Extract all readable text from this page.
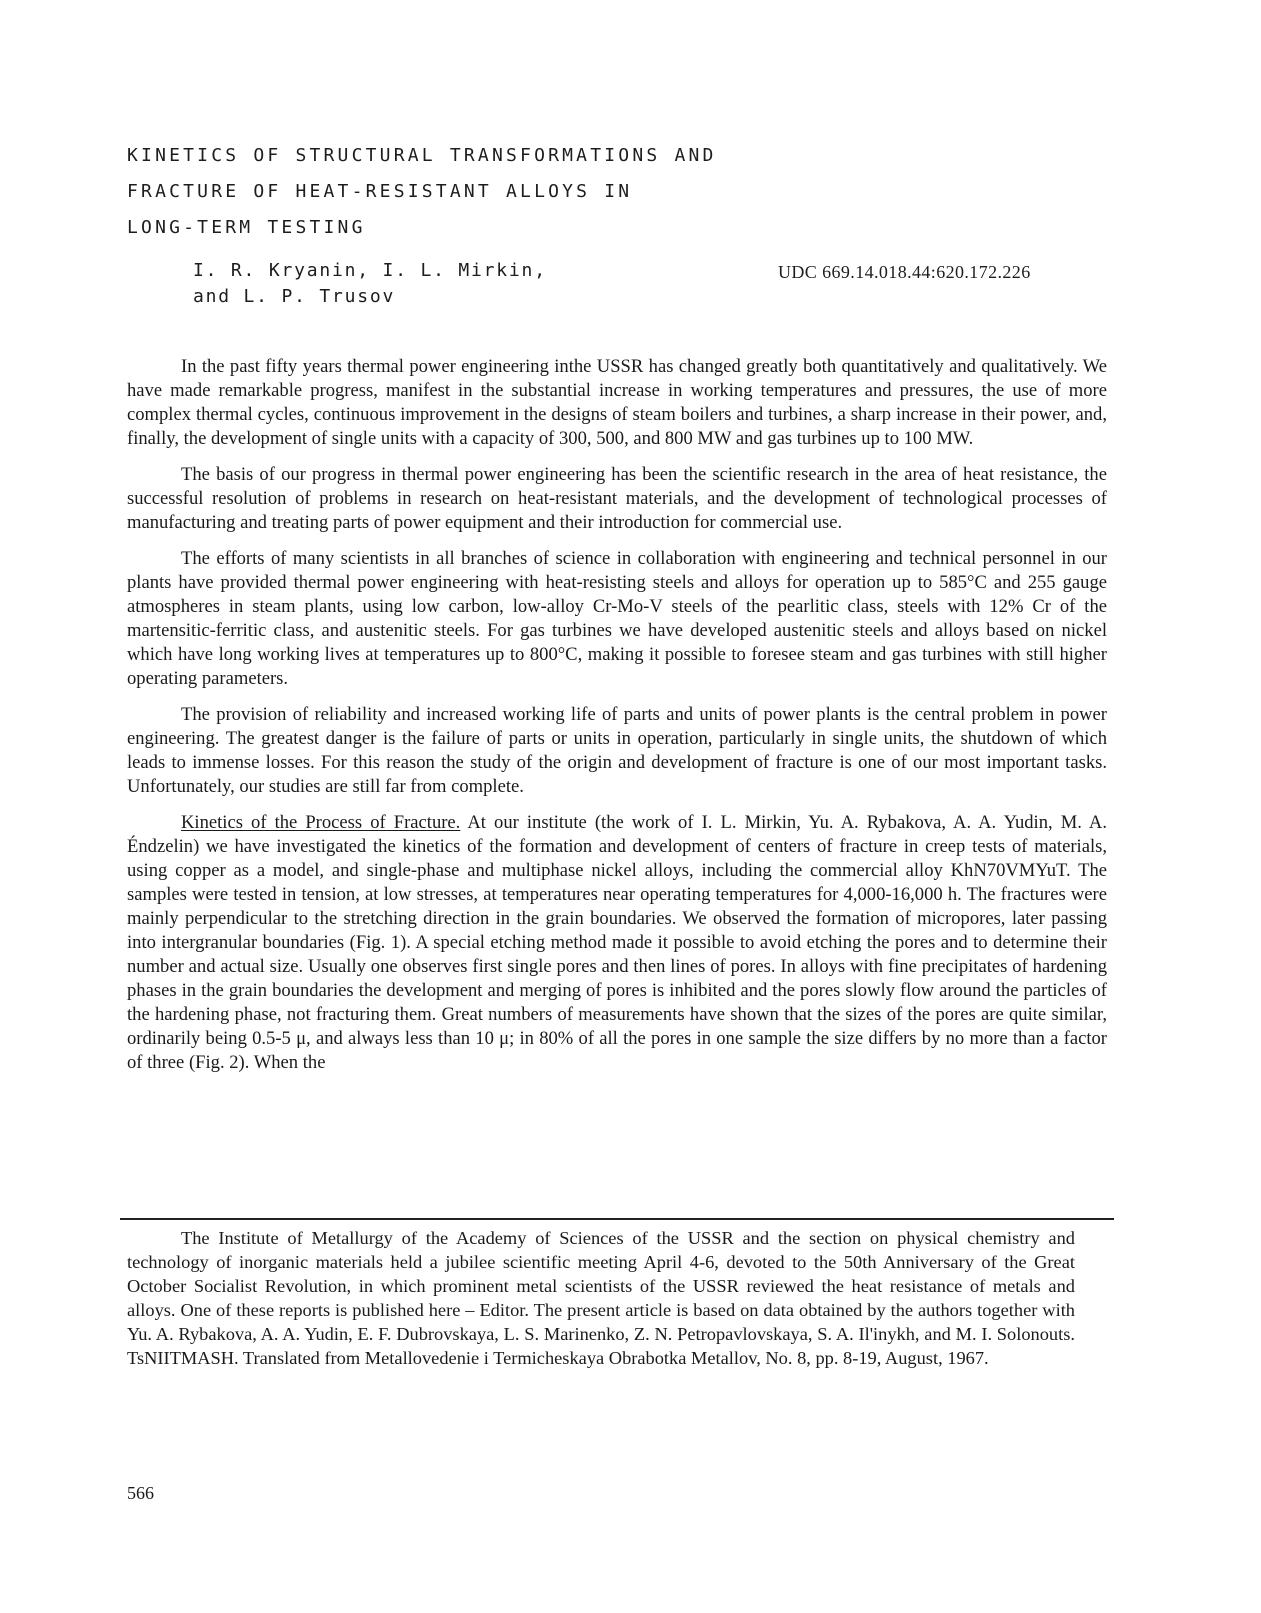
KINETICS OF STRUCTURAL TRANSFORMATIONS AND
FRACTURE OF HEAT-RESISTANT ALLOYS IN
LONG-TERM TESTING
I. R. Kryanin, I. L. Mirkin,
and L. P. Trusov
UDC 669.14.018.44:620.172.226

In the past fifty years thermal power engineering inthe USSR has changed greatly both quantitatively and qualitatively. We have made remarkable progress, manifest in the substantial increase in working temperatures and pressures, the use of more complex thermal cycles, continuous improvement in the designs of steam boilers and turbines, a sharp increase in their power, and, finally, the development of single units with a capacity of 300, 500, and 800 MW and gas turbines up to 100 MW.

The basis of our progress in thermal power engineering has been the scientific research in the area of heat resistance, the successful resolution of problems in research on heat-resistant materials, and the development of technological processes of manufacturing and treating parts of power equipment and their introduction for commercial use.

The efforts of many scientists in all branches of science in collaboration with engineering and technical personnel in our plants have provided thermal power engineering with heat-resisting steels and alloys for operation up to 585°C and 255 gauge atmospheres in steam plants, using low carbon, low-alloy Cr-Mo-V steels of the pearlitic class, steels with 12% Cr of the martensitic-ferritic class, and austenitic steels. For gas turbines we have developed austenitic steels and alloys based on nickel which have long working lives at temperatures up to 800°C, making it possible to foresee steam and gas turbines with still higher operating parameters.

The provision of reliability and increased working life of parts and units of power plants is the central problem in power engineering. The greatest danger is the failure of parts or units in operation, particularly in single units, the shutdown of which leads to immense losses. For this reason the study of the origin and development of fracture is one of our most important tasks. Unfortunately, our studies are still far from complete.

Kinetics of the Process of Fracture. At our institute (the work of I. L. Mirkin, Yu. A. Rybakova, A. A. Yudin, M. A. Éndzelin) we have investigated the kinetics of the formation and development of centers of fracture in creep tests of materials, using copper as a model, and single-phase and multiphase nickel alloys, including the commercial alloy KhN70VMYuT. The samples were tested in tension, at low stresses, at temperatures near operating temperatures for 4,000-16,000 h. The fractures were mainly perpendicular to the stretching direction in the grain boundaries. We observed the formation of micropores, later passing into intergranular boundaries (Fig. 1). A special etching method made it possible to avoid etching the pores and to determine their number and actual size. Usually one observes first single pores and then lines of pores. In alloys with fine precipitates of hardening phases in the grain boundaries the development and merging of pores is inhibited and the pores slowly flow around the particles of the hardening phase, not fracturing them. Great numbers of measurements have shown that the sizes of the pores are quite similar, ordinarily being 0.5-5 μ, and always less than 10 μ; in 80% of all the pores in one sample the size differs by no more than a factor of three (Fig. 2). When the

The Institute of Metallurgy of the Academy of Sciences of the USSR and the section on physical chemistry and technology of inorganic materials held a jubilee scientific meeting April 4-6, devoted to the 50th Anniversary of the Great October Socialist Revolution, in which prominent metal scientists of the USSR reviewed the heat resistance of metals and alloys. One of these reports is published here – Editor. The present article is based on data obtained by the authors together with Yu. A. Rybakova, A. A. Yudin, E. F. Dubrovskaya, L. S. Marinenko, Z. N. Petropavlovskaya, S. A. Il'inykh, and M. I. Solonouts. TsNIITMASH. Translated from Metallovedenie i Termicheskaya Obrabotka Metallov, No. 8, pp. 8-19, August, 1967.

566
